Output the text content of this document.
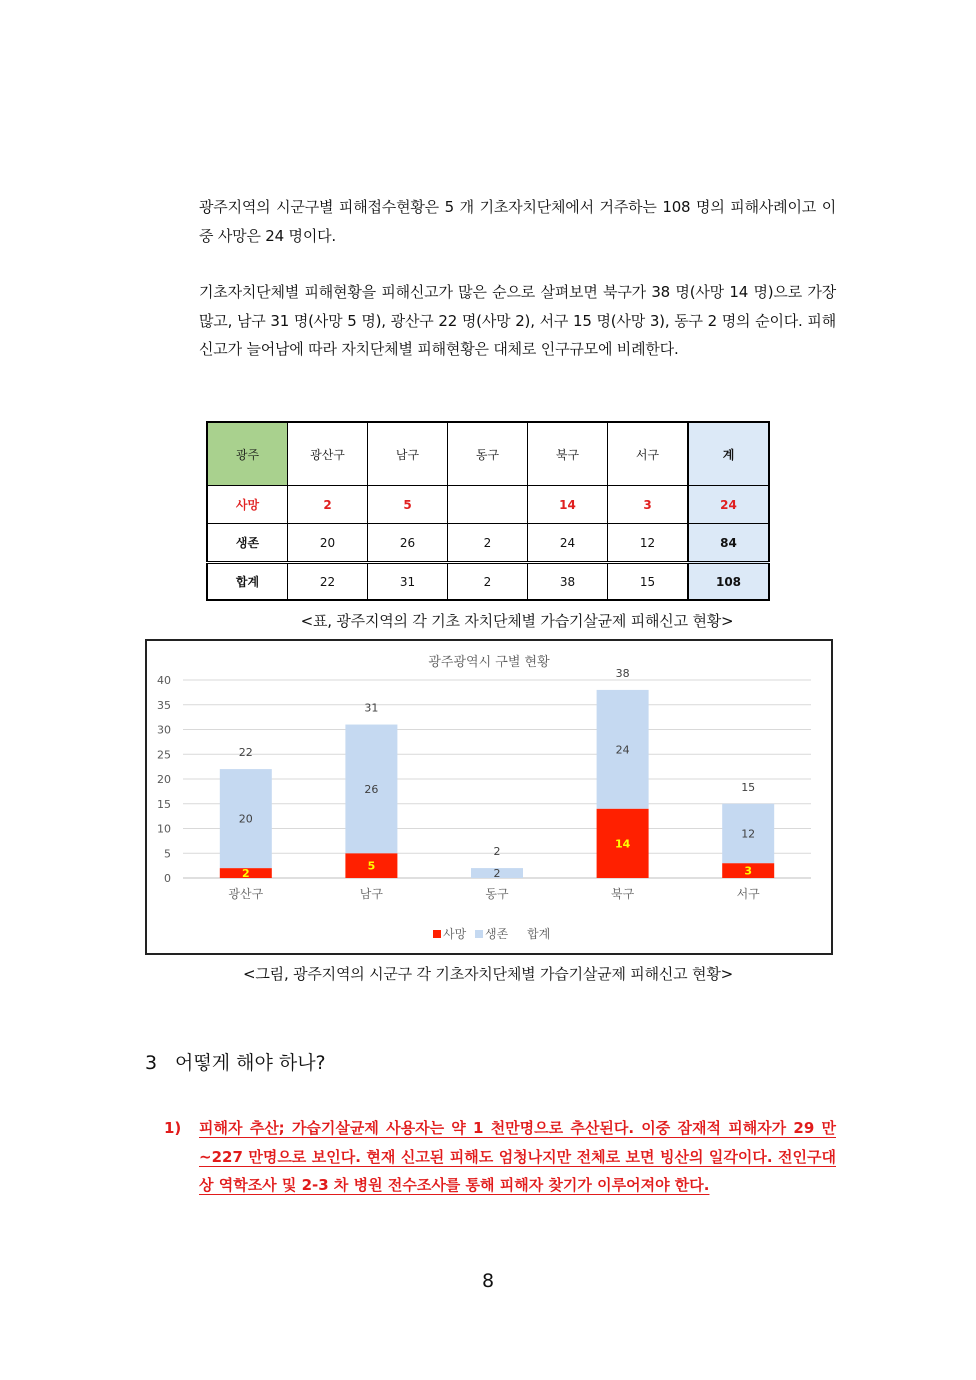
광주지역의 시군구별 피해접수현황은 5 개 기초자치단체에서 거주하는 108 명의 피해사례이고 이중 사망은 24 명이다.
기초자치단체별 피해현황을 피해신고가 많은 순으로 살펴보면 북구가 38 명(사망 14 명)으로 가장 많고, 남구 31 명(사망 5 명), 광산구 22 명(사망 2), 서구 15 명(사망 3), 동구 2 명의 순이다. 피해신고가 늘어남에 따라 자치단체별 피해현황은 대체로 인구규모에 비례한다.
광주	광산구	남구	동구	북구	서구	계
사망	2	5		14	3	24
생존	20	26	2	24	12	84
합계	22	31	2	38	15	108
<표, 광주지역의 각 기초 자치단체별 가습기살균제 피해신고 현황>
광주광역시 구별 현황
0
5
10
15
20
25
30
35
40
2
20
22
광산구
5
26
31
남구
2
2
동구
14
24
38
북구
3
12
15
서구
사망 생존 합계
<그림, 광주지역의 시군구 각 기초자치단체별 가습기살균제 피해신고 현황>
3 어떻게 해야 하나?
1) 피해자 추산; 가습기살균제 사용자는 약 1 천만명으로 추산된다. 이중 잠재적 피해자가 29 만~227 만명으로 보인다. 현재 신고된 피해도 엄청나지만 전체로 보면 빙산의 일각이다. 전인구대상 역학조사 및 2-3 차 병원 전수조사를 통해 피해자 찾기가 이루어져야 한다.
8
